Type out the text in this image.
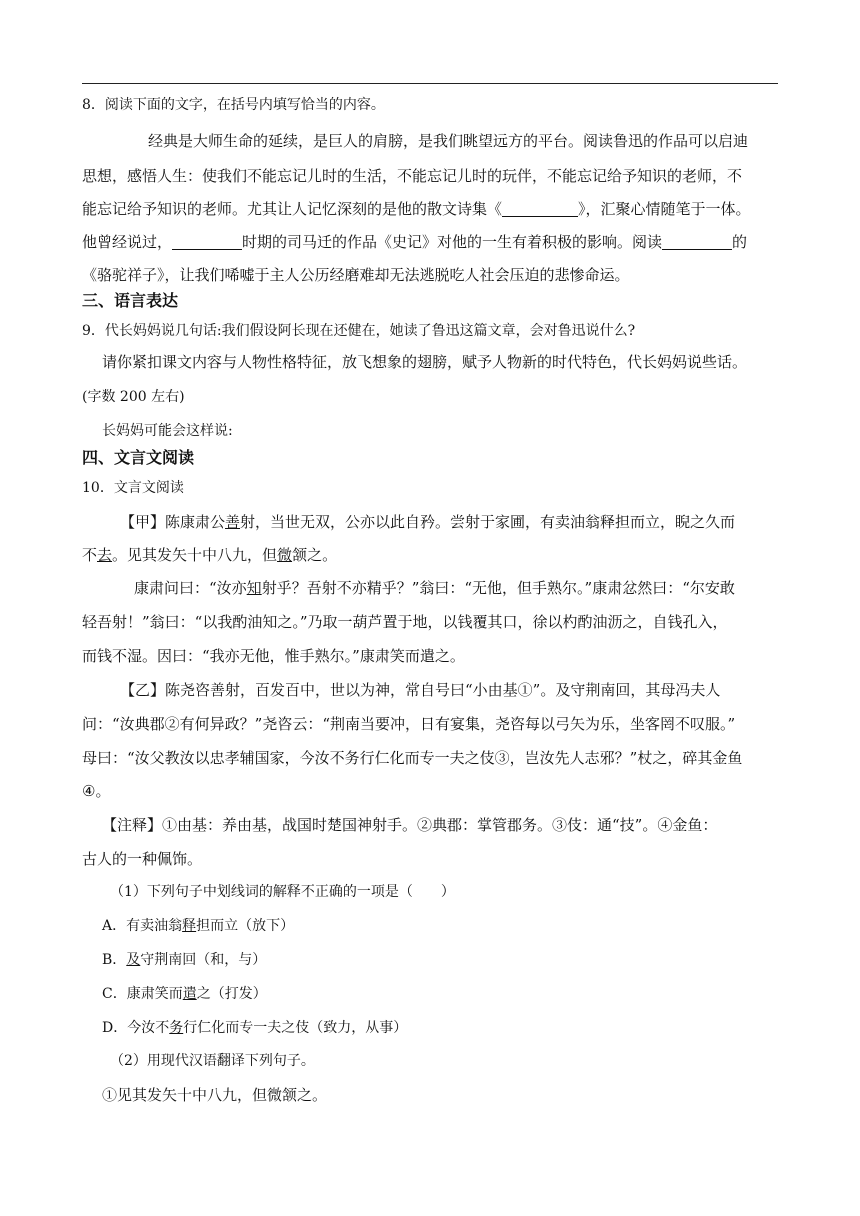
8．阅读下面的文字，在括号内填写恰当的内容。
经典是大师生命的延续，是巨人的肩膀，是我们眺望远方的平台。阅读鲁迅的作品可以启迪
思想，感悟人生：使我们不能忘记儿时的生活，不能忘记儿时的玩伴，不能忘记给予知识的老师，不
能忘记给予知识的老师。尤其让人记忆深刻的是他的散文诗集《	》，汇聚心情随笔于一体。
他曾经说过，	时期的司马迁的作品《史记》对他的一生有着积极的影响。阅读	的
《骆驼祥子》，让我们唏嘘于主人公历经磨难却无法逃脱吃人社会压迫的悲惨命运。
三、语言表达
9．代长妈妈说几句话:我们假设阿长现在还健在，她读了鲁迅这篇文章，会对鲁迅说什么?
请你紧扣课文内容与人物性格特征，放飞想象的翅膀，赋予人物新的时代特色，代长妈妈说些话。
(字数 200 左右)
长妈妈可能会这样说:
四、文言文阅读
10．文言文阅读
【甲】陈康肃公善射，当世无双，公亦以此自矜。尝射于家圃，有卖油翁释担而立，睨之久而
不去。见其发矢十中八九，但微颔之。
康肃问曰：“汝亦知射乎？吾射不亦精乎？”翁曰：“无他，但手熟尔。”康肃忿然曰：“尔安敢
轻吾射！”翁曰：“以我酌油知之。”乃取一葫芦置于地，以钱覆其口，徐以杓酌油沥之，自钱孔入，
而钱不湿。因曰：“我亦无他，惟手熟尔。”康肃笑而遣之。
【乙】陈尧咨善射，百发百中，世以为神，常自号曰“小由基①”。及守荆南回，其母冯夫人
问：“汝典郡②有何异政？”尧咨云：“荆南当要冲，日有宴集，尧咨每以弓矢为乐，坐客罔不叹服。”
母曰：“汝父教汝以忠孝辅国家，今汝不务行仁化而专一夫之伎③，岂汝先人志邪？”杖之，碎其金鱼
④。
【注释】①由基：养由基，战国时楚国神射手。②典郡：掌管郡务。③伎：通“技”。④金鱼：
古人的一种佩饰。
（1）下列句子中划线词的解释不正确的一项是（　　）
A．有卖油翁释担而立（放下）
B．及守荆南回（和，与）
C．康肃笑而遣之（打发）
D．今汝不务行仁化而专一夫之伎（致力，从事）
（2）用现代汉语翻译下列句子。
①见其发矢十中八九，但微颔之。
